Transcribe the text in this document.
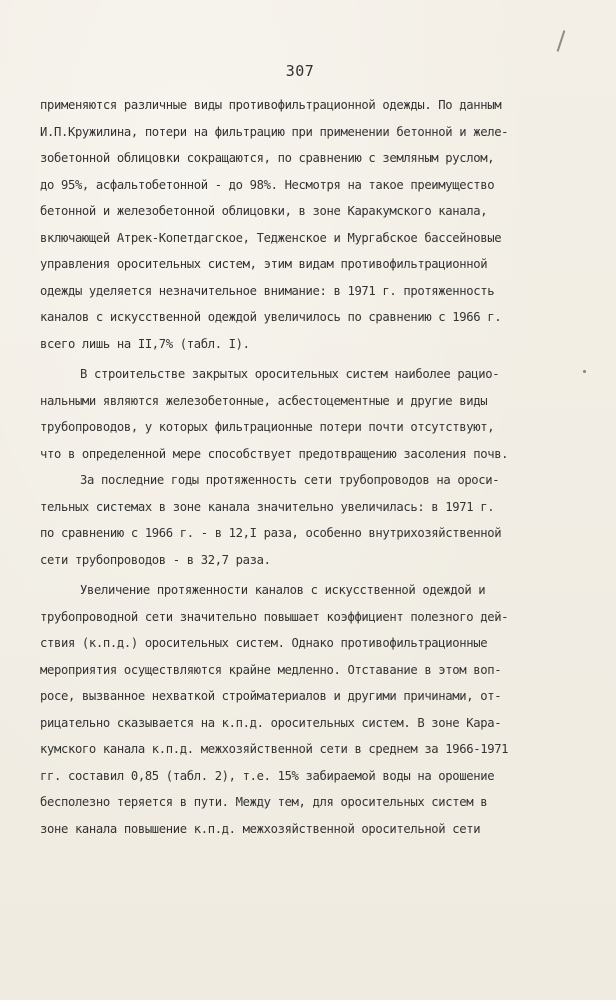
307
применяются различные виды противофильтрационной одежды. По данным
И.П.Кружилина, потери на фильтрацию при применении бетонной и желе-
зобетонной облицовки сокращаются, по сравнению с земляным руслом,
до 95%, асфальтобетонной - до 98%. Несмотря на такое преимущество
бетонной и железобетонной облицовки, в зоне Каракумского канала,
включающей Атрек-Копетдагское, Тедженское и Мургабское бассейновые
управления оросительных систем, этим видам противофильтрационной
одежды уделяется незначительное внимание: в 1971 г. протяженность
каналов с искусственной одеждой увеличилось по сравнению с 1966 г.
всего лишь на II,7% (табл. I).
В строительстве закрытых оросительных систем наиболее рацио-
нальными являются железобетонные, асбестоцементные и другие виды
трубопроводов, у которых фильтрационные потери почти отсутствуют,
что в определенной мере способствует предотвращению засоления почв.
За последние годы протяженность сети трубопроводов на ороси-
тельных системах в зоне канала значительно увеличилась: в 1971 г.
по сравнению с 1966 г. - в 12,I раза, особенно внутрихозяйственной
сети трубопроводов - в 32,7 раза.
Увеличение протяженности каналов с искусственной одеждой и
трубопроводной сети значительно повышает коэффициент полезного дей-
ствия (к.п.д.) оросительных систем. Однако противофильтрационные
мероприятия осуществляются крайне медленно. Отставание в этом воп-
росе, вызванное нехваткой стройматериалов и другими причинами, от-
рицательно сказывается на к.п.д. оросительных систем. В зоне Кара-
кумского канала к.п.д. межхозяйственной сети в среднем за 1966-1971
гг. составил 0,85 (табл. 2), т.е. 15% забираемой воды на орошение
бесполезно теряется в пути. Между тем, для оросительных систем в
зоне канала повышение к.п.д. межхозяйственной оросительной сети
